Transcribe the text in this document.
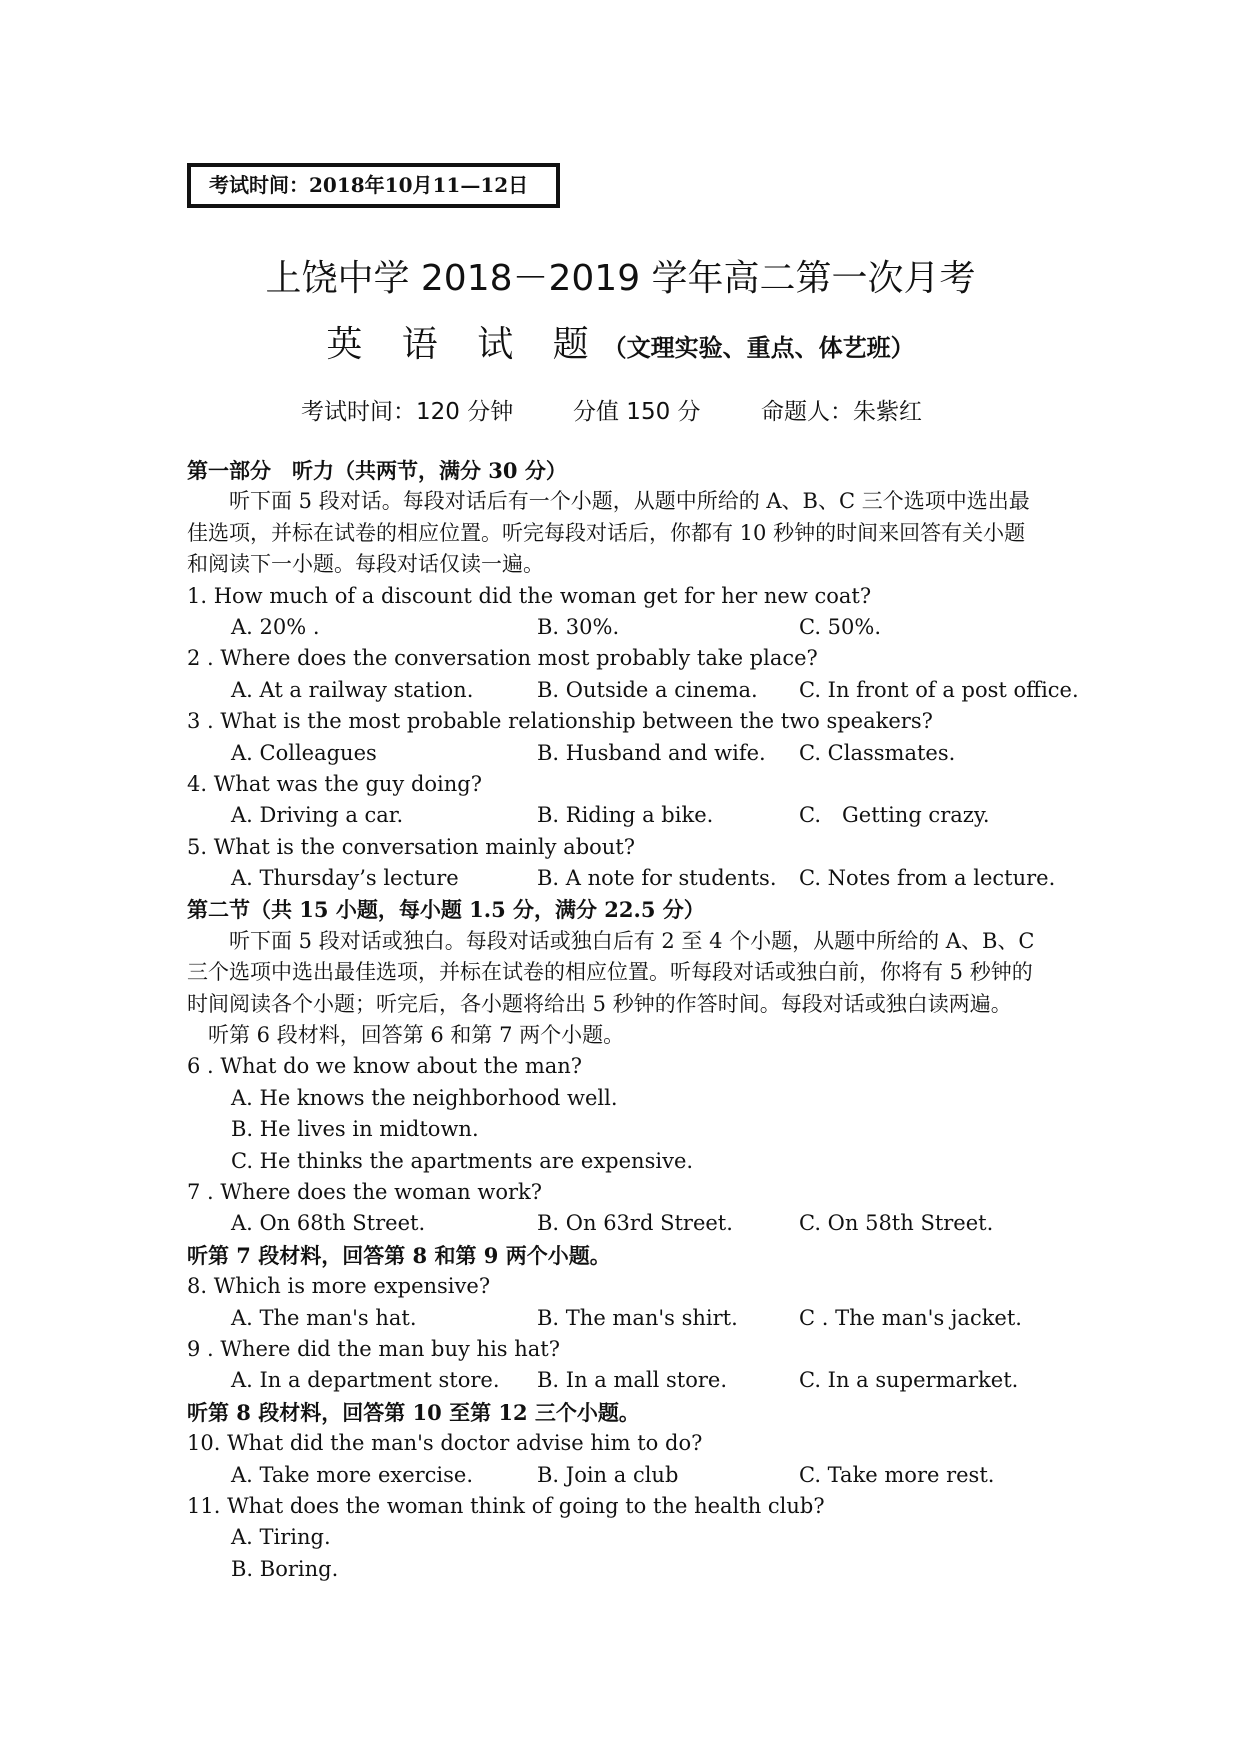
考试时间：2018年10月11—12日
上饶中学 2018－2019 学年高二第一次月考
英 语 试 题（文理实验、重点、体艺班）
考试时间：120 分钟	分值 150 分	命题人：朱紫红
第一部分　听力（共两节，满分 30 分）
　　听下面 5 段对话。每段对话后有一个小题，从题中所给的 A、B、C 三个选项中选出最
佳选项，并标在试卷的相应位置。听完每段对话后，你都有 10 秒钟的时间来回答有关小题
和阅读下一小题。每段对话仅读一遍。
1. How much of a discount did the woman get for her new coat?
A. 20% .	B. 30%.	C. 50%.
2 . Where does the conversation most probably take place?
A. At a railway station.	B. Outside a cinema. C. In front of a post office.
3 . What is the most probable relationship between the two speakers?
A. Colleagues	B. Husband and wife. C. Classmates.
4. What was the guy doing?
A. Driving a car.	B. Riding a bike.	C.　Getting crazy.
5. What is the conversation mainly about?
A. Thursday’s lecture	B. A note for students. C. Notes from a lecture.
第二节（共 15 小题，每小题 1.5 分，满分 22.5 分）
　　听下面 5 段对话或独白。每段对话或独白后有 2 至 4 个小题，从题中所给的 A、B、C
三个选项中选出最佳选项，并标在试卷的相应位置。听每段对话或独白前，你将有 5 秒钟的
时间阅读各个小题；听完后，各小题将给出 5 秒钟的作答时间。每段对话或独白读两遍。
　听第 6 段材料，回答第 6 和第 7 两个小题。
6 . What do we know about the man?
A. He knows the neighborhood well.
B. He lives in midtown.
C. He thinks the apartments are expensive.
7 . Where does the woman work?
A. On 68th Street.	B. On 63rd Street.	C. On 58th Street.
听第 7 段材料，回答第 8 和第 9 两个小题。
8. Which is more expensive?
A. The man's hat.	B. The man's shirt.	C . The man's jacket.
9 . Where did the man buy his hat?
A. In a department store. B. In a mall store.	C. In a supermarket.
听第 8 段材料，回答第 10 至第 12 三个小题。
10. What did the man's doctor advise him to do?
A. Take more exercise.	B. Join a club	C. Take more rest.
11. What does the woman think of going to the health club?
A. Tiring.
B. Boring.
